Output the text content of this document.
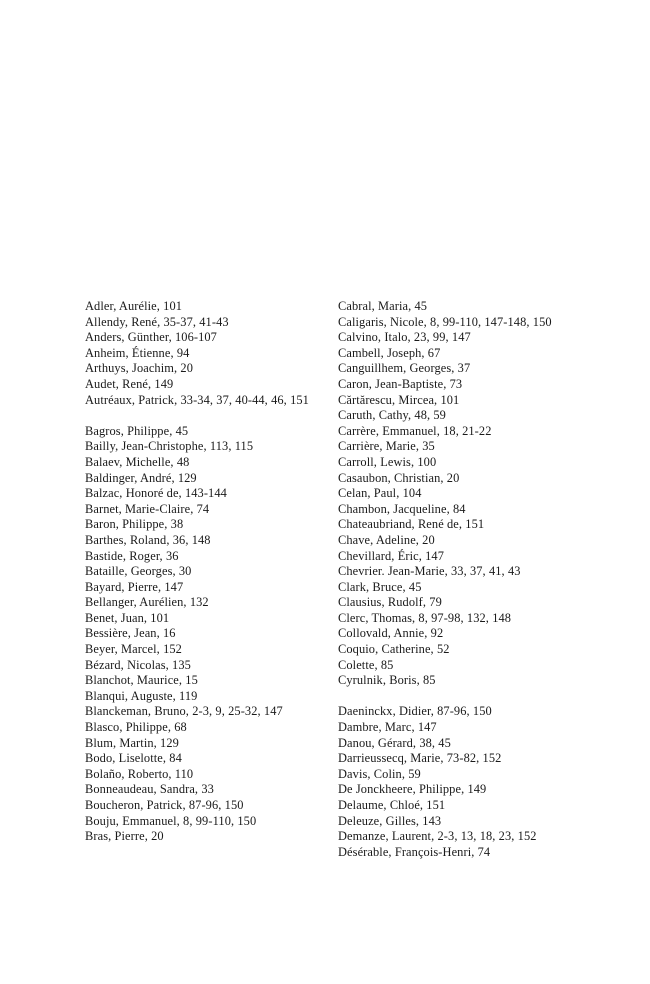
Adler, Aurélie, 101

Allendy, René, 35-37, 41-43

Anders, Günther, 106-107

Anheim, Étienne, 94

Arthuys, Joachim, 20

Audet, René, 149

Autréaux, Patrick, 33-34, 37, 40-44, 46, 151

Bagros, Philippe, 45

Bailly, Jean-Christophe, 113, 115

Balaev, Michelle, 48

Baldinger, André, 129

Balzac, Honoré de, 143-144

Barnet, Marie-Claire, 74

Baron, Philippe, 38

Barthes, Roland, 36, 148

Bastide, Roger, 36

Bataille, Georges, 30

Bayard, Pierre, 147

Bellanger, Aurélien, 132

Benet, Juan, 101

Bessière, Jean, 16

Beyer, Marcel, 152

Bézard, Nicolas, 135

Blanchot, Maurice, 15

Blanqui, Auguste, 119

Blanckeman, Bruno, 2-3, 9, 25-32, 147

Blasco, Philippe, 68

Blum, Martin, 129

Bodo, Liselotte, 84

Bolaño, Roberto, 110

Bonneaudeau, Sandra, 33

Boucheron, Patrick, 87-96, 150

Bouju, Emmanuel, 8, 99-110, 150

Bras, Pierre, 20

Cabral, Maria, 45

Caligaris, Nicole, 8, 99-110, 147-148, 150

Calvino, Italo, 23, 99, 147

Cambell, Joseph, 67

Canguillhem, Georges, 37

Caron, Jean-Baptiste, 73

Cărtărescu, Mircea, 101

Caruth, Cathy, 48, 59

Carrère, Emmanuel, 18, 21-22

Carrière, Marie, 35

Carroll, Lewis, 100

Casaubon, Christian, 20

Celan, Paul, 104

Chambon, Jacqueline, 84

Chateaubriand, René de, 151

Chave, Adeline, 20

Chevillard, Éric, 147

Chevrier. Jean-Marie, 33, 37, 41, 43

Clark, Bruce, 45

Clausius, Rudolf, 79

Clerc, Thomas, 8, 97-98, 132, 148

Collovald, Annie, 92

Coquio, Catherine, 52

Colette, 85

Cyrulnik, Boris, 85

Daeninckx, Didier, 87-96, 150

Dambre, Marc, 147

Danou, Gérard, 38, 45

Darrieussecq, Marie, 73-82, 152

Davis, Colin, 59

De Jonckheere, Philippe, 149

Delaume, Chloé, 151

Deleuze, Gilles, 143

Demanze, Laurent, 2-3, 13, 18, 23, 152

Désérable, François-Henri, 74
